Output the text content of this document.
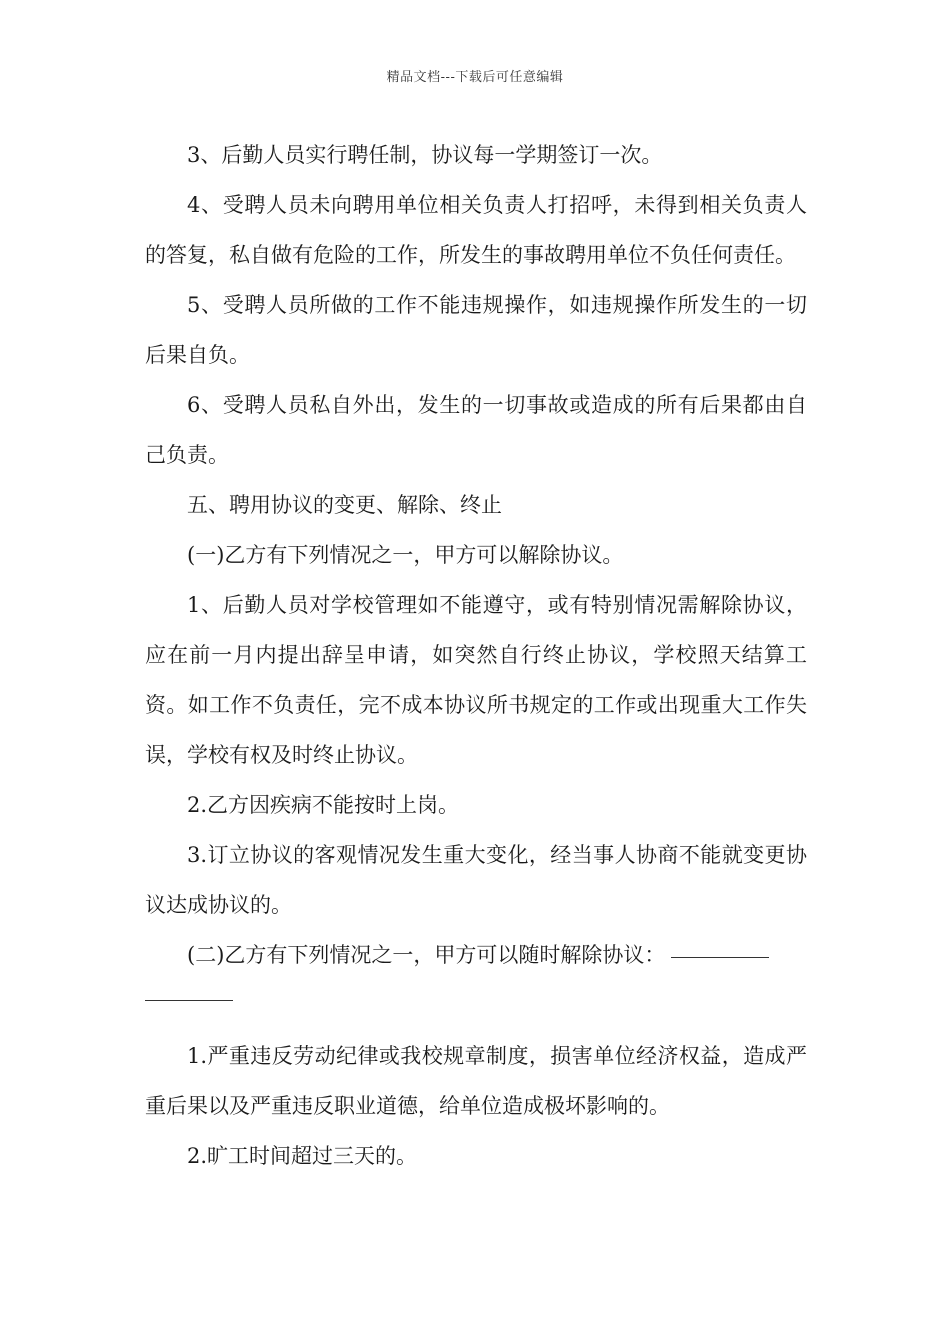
精品文档---下载后可任意编辑

3、后勤人员实行聘任制，协议每一学期签订一次。

4、受聘人员未向聘用单位相关负责人打招呼，未得到相关负责人的答复，私自做有危险的工作，所发生的事故聘用单位不负任何责任。

5、受聘人员所做的工作不能违规操作，如违规操作所发生的一切后果自负。

6、受聘人员私自外出，发生的一切事故或造成的所有后果都由自己负责。

五、聘用协议的变更、解除、终止

(一)乙方有下列情况之一，甲方可以解除协议。

1、后勤人员对学校管理如不能遵守，或有特别情况需解除协议，应在前一月内提出辞呈申请，如突然自行终止协议，学校照天结算工资。如工作不负责任，完不成本协议所书规定的工作或出现重大工作失误，学校有权及时终止协议。

2.乙方因疾病不能按时上岗。

3.订立协议的客观情况发生重大变化，经当事人协商不能就变更协议达成协议的。

(二)乙方有下列情况之一，甲方可以随时解除协议：

1.严重违反劳动纪律或我校规章制度，损害单位经济权益，造成严重后果以及严重违反职业道德，给单位造成极坏影响的。

2.旷工时间超过三天的。
